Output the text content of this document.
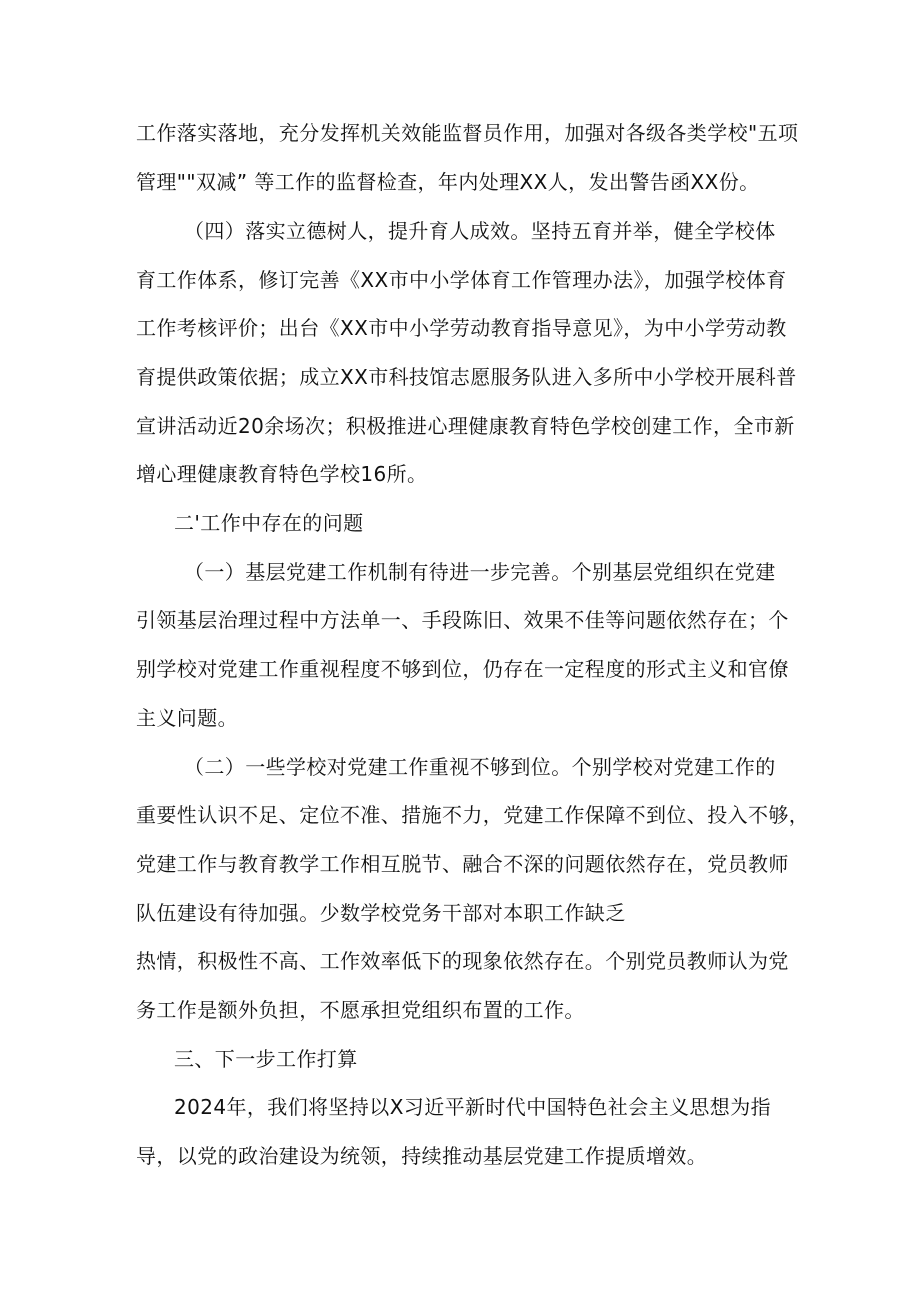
工作落实落地，充分发挥机关效能监督员作用，加强对各级各类学校"五项
管理""双减” 等工作的监督检查，年内处理XX人，发出警告函XX份。
（四）落实立德树人，提升育人成效。坚持五育并举，健全学校体
育工作体系，修订完善《XX市中小学体育工作管理办法》，加强学校体育
工作考核评价；出台《XX市中小学劳动教育指导意见》，为中小学劳动教
育提供政策依据；成立XX市科技馆志愿服务队进入多所中小学校开展科普
宣讲活动近20余场次；积极推进心理健康教育特色学校创建工作，全市新
增心理健康教育特色学校16所。
二'工作中存在的问题
（一）基层党建工作机制有待进一步完善。个别基层党组织在党建
引领基层治理过程中方法单一、手段陈旧、效果不佳等问题依然存在；个
别学校对党建工作重视程度不够到位，仍存在一定程度的形式主义和官僚
主义问题。
（二）一些学校对党建工作重视不够到位。个别学校对党建工作的
重要性认识不足、定位不准、措施不力，党建工作保障不到位、投入不够，
党建工作与教育教学工作相互脱节、融合不深的问题依然存在，党员教师
队伍建设有待加强。少数学校党务干部对本职工作缺乏
热情，积极性不高、工作效率低下的现象依然存在。个别党员教师认为党
务工作是额外负担，不愿承担党组织布置的工作。
三、下一步工作打算
2024年，我们将坚持以X习近平新时代中国特色社会主义思想为指
导，以党的政治建设为统领，持续推动基层党建工作提质增效。
